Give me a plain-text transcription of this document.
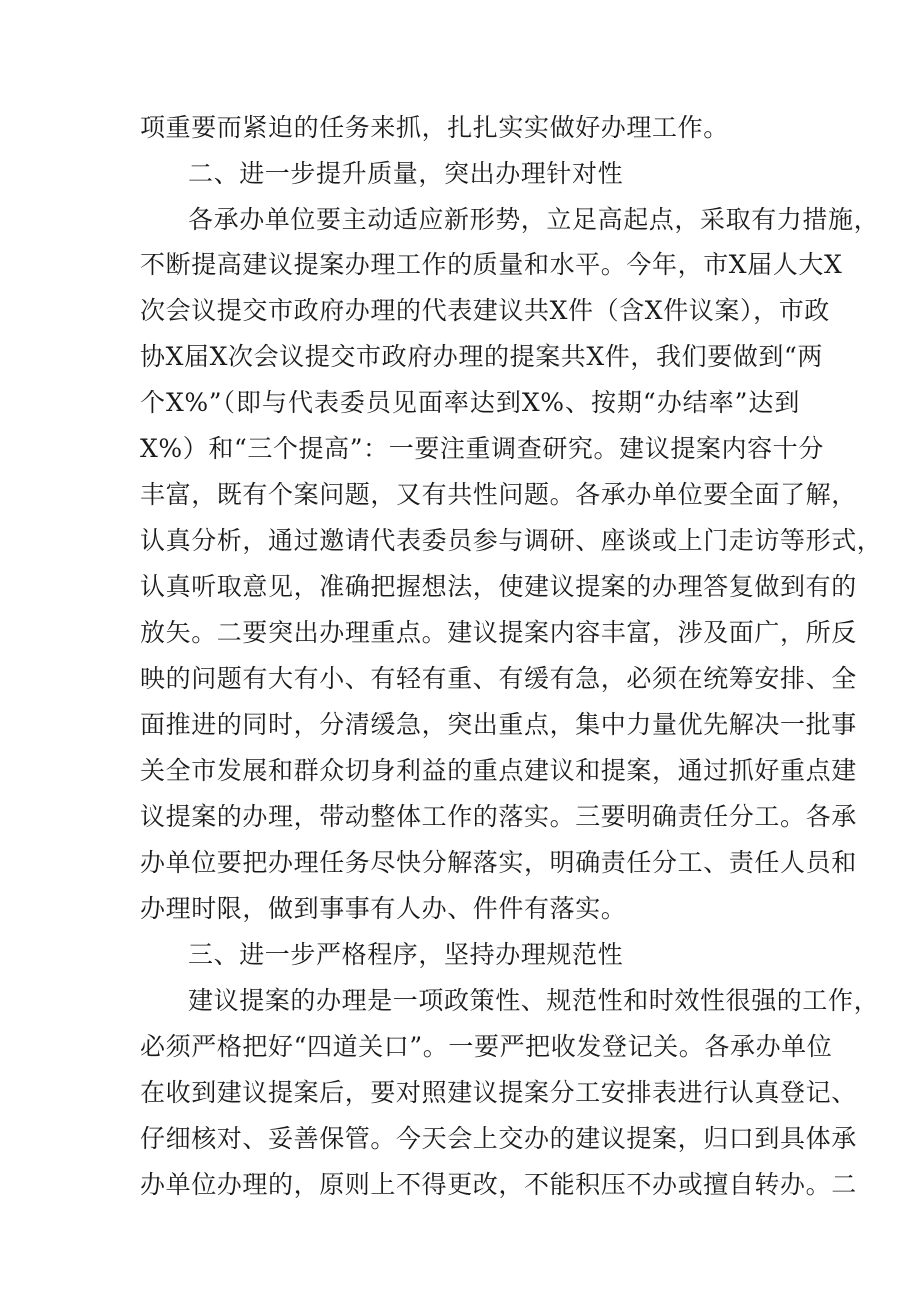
项重要而紧迫的任务来抓，扎扎实实做好办理工作。
二、进一步提升质量，突出办理针对性
各承办单位要主动适应新形势，立足高起点，采取有力措施，
不断提高建议提案办理工作的质量和水平。今年，市X届人大X
次会议提交市政府办理的代表建议共X件（含X件议案），市政
协X届X次会议提交市政府办理的提案共X件，我们要做到“两
个X%”（即与代表委员见面率达到X%、按期“办结率”达到
X%）和“三个提高”：一要注重调查研究。建议提案内容十分
丰富，既有个案问题，又有共性问题。各承办单位要全面了解，
认真分析，通过邀请代表委员参与调研、座谈或上门走访等形式，
认真听取意见，准确把握想法，使建议提案的办理答复做到有的
放矢。二要突出办理重点。建议提案内容丰富，涉及面广，所反
映的问题有大有小、有轻有重、有缓有急，必须在统筹安排、全
面推进的同时，分清缓急，突出重点，集中力量优先解决一批事
关全市发展和群众切身利益的重点建议和提案，通过抓好重点建
议提案的办理，带动整体工作的落实。三要明确责任分工。各承
办单位要把办理任务尽快分解落实，明确责任分工、责任人员和
办理时限，做到事事有人办、件件有落实。
三、进一步严格程序，坚持办理规范性
建议提案的办理是一项政策性、规范性和时效性很强的工作，
必须严格把好“四道关口”。一要严把收发登记关。各承办单位
在收到建议提案后，要对照建议提案分工安排表进行认真登记、
仔细核对、妥善保管。今天会上交办的建议提案，归口到具体承
办单位办理的，原则上不得更改，不能积压不办或擅自转办。二
